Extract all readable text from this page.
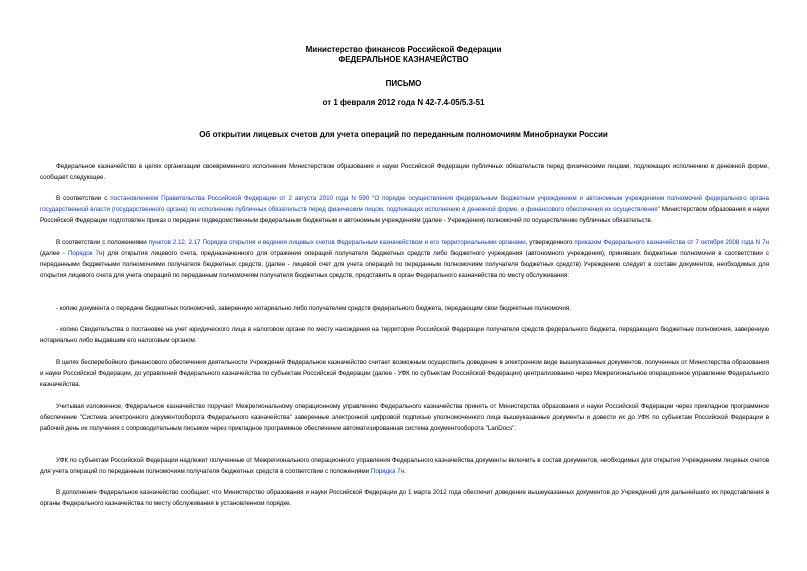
Министерство финансов Российской Федерации
ФЕДЕРАЛЬНОЕ КАЗНАЧЕЙСТВО
ПИСЬМО
от 1 февраля 2012 года N 42-7.4-05/5.3-51
Об открытии лицевых счетов для учета операций по переданным полномочиям Минобрнауки России

Федеральное казначейство в целях организации своевременного исполнения Министерством образования и науки Российской Федерации публичных обязательств перед физическими лицами, подлежащих исполнению в денежной форме, сообщает следующее.

В соответствии с постановлением Правительства Российской Федерации от 2 августа 2010 года N 590 "О порядке осуществления федеральным бюджетным учреждением и автономным учреждением полномочий федерального органа государственной власти (государственного органа) по исполнению публичных обязательств перед физическим лицом, подлежащих исполнению в денежной форме, и финансового обеспечения их осуществления" Министерством образования и науки Российской Федерации подготовлен приказ о передаче подведомственным федеральным бюджетным и автономным учреждениям (далее - Учреждения) полномочий по осуществлению публичных обязательств.

В соответствии с положениями пунктов 2.12, 2.17 Порядка открытия и ведения лицевых счетов Федеральным казначейством и его территориальными органами, утвержденного приказом Федерального казначейства от 7 октября 2008 года N 7н (далее - Порядок 7н) для открытия лицевого счета, предназначенного для отражения операций получателя бюджетных средств либо бюджетного учреждения (автономного учреждения), принявших бюджетные полномочия в соответствии с переданными бюджетными полномочиями получателя бюджетных средств, (далее - лицевой счет для учета операций по переданным полномочиям получателя бюджетных средств) Учреждению следует в составе документов, необходимых для открытия лицевого счета для учета операций по переданным полномочиям получателя бюджетных средств, представить в орган Федерального казначейства по месту обслуживания:

- копию документа о передаче бюджетных полномочий, заверенную нотариально либо получателем средств федерального бюджета, передающим свои бюджетные полномочия;

- копию Свидетельства о постановке на учет юридического лица в налоговом органе по месту нахождения на территории Российской Федерации получателя средств федерального бюджета, передающего бюджетные полномочия, заверенную нотариально либо выдавшим его налоговым органом.

В целях бесперебойного финансового обеспечения деятельности Учреждений Федеральное казначейство считает возможным осуществить доведение в электронном виде вышеуказанных документов, полученных от Министерства образования и науки Российской Федерации, до управлений Федерального казначейства по субъектам Российской Федерации (далее - УФК по субъектам Российской Федерации) централизованно через Межрегиональное операционное управление Федерального казначейства.

Учитывая изложенное, Федеральное казначейство поручает Межрегиональному операционному управлению Федерального казначейства принять от Министерства образования и науки Российской Федерации через прикладное программное обеспечение "Система электронного документооборота Федерального казначейства" заверенные электронной цифровой подписью уполномоченного лица вышеуказанные документы и довести их до УФК по субъектам Российской Федерации в рабочий день их получения с сопроводительным письмом через прикладное программное обеспечение автоматизированная система документооборота "LanDocs".

УФК по субъектам Российской Федерации надлежит полученные от Межрегионального операционного управления Федерального казначейства документы включить в состав документов, необходимых для открытия Учреждениям лицевых счетов для учета операций по переданным полномочиям получателя бюджетных средств в соответствии с положениями Порядка 7н.

В дополнение Федеральное казначейство сообщает, что Министерство образования и науки Российской Федерации до 1 марта 2012 года обеспечит доведение вышеуказанных документов до Учреждений для дальнейшего их представления в органы Федерального казначейства по месту обслуживания в установленном порядке.
